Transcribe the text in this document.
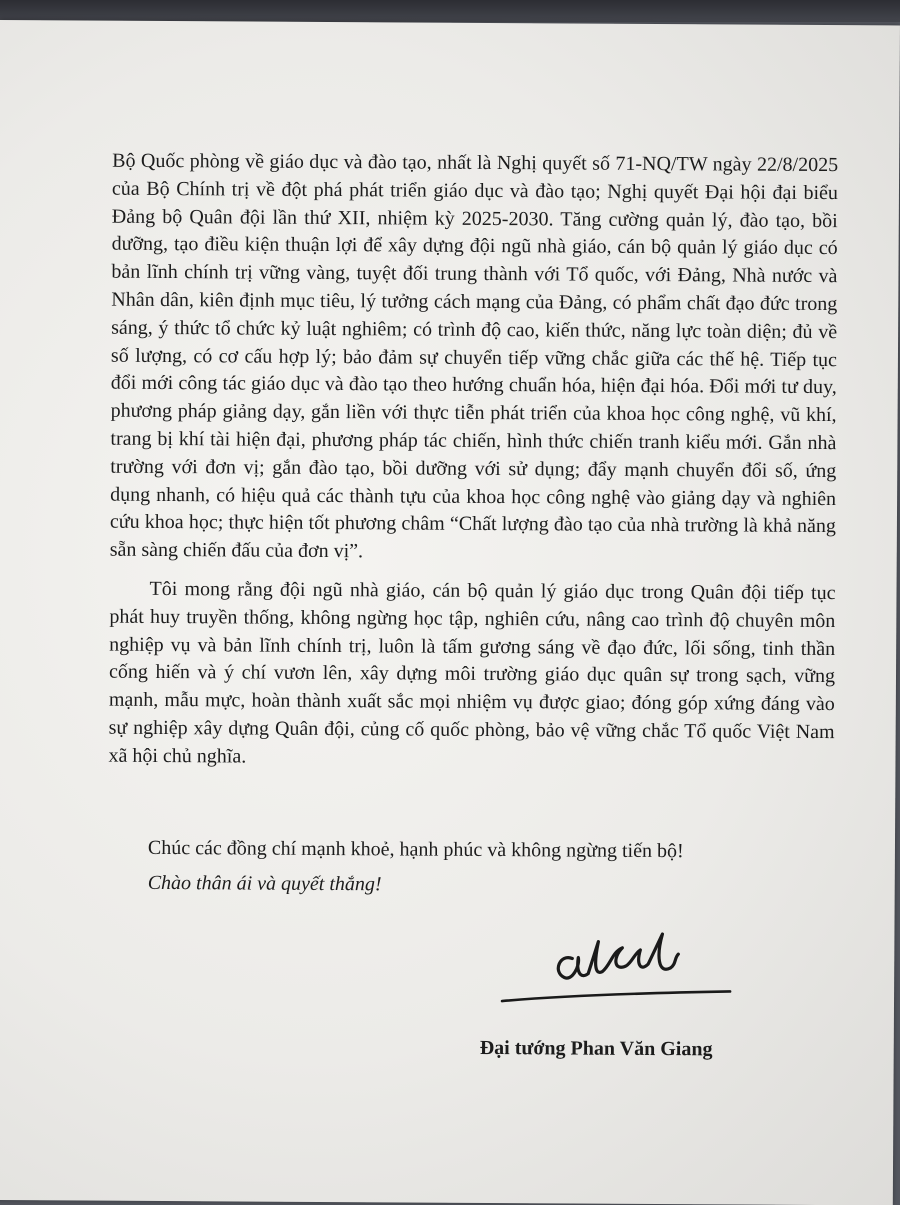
Bộ Quốc phòng về giáo dục và đào tạo, nhất là Nghị quyết số 71-NQ/TW ngày 22/8/2025 của Bộ Chính trị về đột phá phát triển giáo dục và đào tạo; Nghị quyết Đại hội đại biểu Đảng bộ Quân đội lần thứ XII, nhiệm kỳ 2025-2030. Tăng cường quản lý, đào tạo, bồi dưỡng, tạo điều kiện thuận lợi để xây dựng đội ngũ nhà giáo, cán bộ quản lý giáo dục có bản lĩnh chính trị vững vàng, tuyệt đối trung thành với Tổ quốc, với Đảng, Nhà nước và Nhân dân, kiên định mục tiêu, lý tưởng cách mạng của Đảng, có phẩm chất đạo đức trong sáng, ý thức tổ chức kỷ luật nghiêm; có trình độ cao, kiến thức, năng lực toàn diện; đủ về số lượng, có cơ cấu hợp lý; bảo đảm sự chuyển tiếp vững chắc giữa các thế hệ. Tiếp tục đổi mới công tác giáo dục và đào tạo theo hướng chuẩn hóa, hiện đại hóa. Đổi mới tư duy, phương pháp giảng dạy, gắn liền với thực tiễn phát triển của khoa học công nghệ, vũ khí, trang bị khí tài hiện đại, phương pháp tác chiến, hình thức chiến tranh kiểu mới. Gắn nhà trường với đơn vị; gắn đào tạo, bồi dưỡng với sử dụng; đẩy mạnh chuyển đổi số, ứng dụng nhanh, có hiệu quả các thành tựu của khoa học công nghệ vào giảng dạy và nghiên cứu khoa học; thực hiện tốt phương châm “Chất lượng đào tạo của nhà trường là khả năng sẵn sàng chiến đấu của đơn vị”.

Tôi mong rằng đội ngũ nhà giáo, cán bộ quản lý giáo dục trong Quân đội tiếp tục phát huy truyền thống, không ngừng học tập, nghiên cứu, nâng cao trình độ chuyên môn nghiệp vụ và bản lĩnh chính trị, luôn là tấm gương sáng về đạo đức, lối sống, tinh thần cống hiến và ý chí vươn lên, xây dựng môi trường giáo dục quân sự trong sạch, vững mạnh, mẫu mực, hoàn thành xuất sắc mọi nhiệm vụ được giao; đóng góp xứng đáng vào sự nghiệp xây dựng Quân đội, củng cố quốc phòng, bảo vệ vững chắc Tổ quốc Việt Nam xã hội chủ nghĩa.

Chúc các đồng chí mạnh khoẻ, hạnh phúc và không ngừng tiến bộ!
Chào thân ái và quyết thắng!
Đại tướng Phan Văn Giang
